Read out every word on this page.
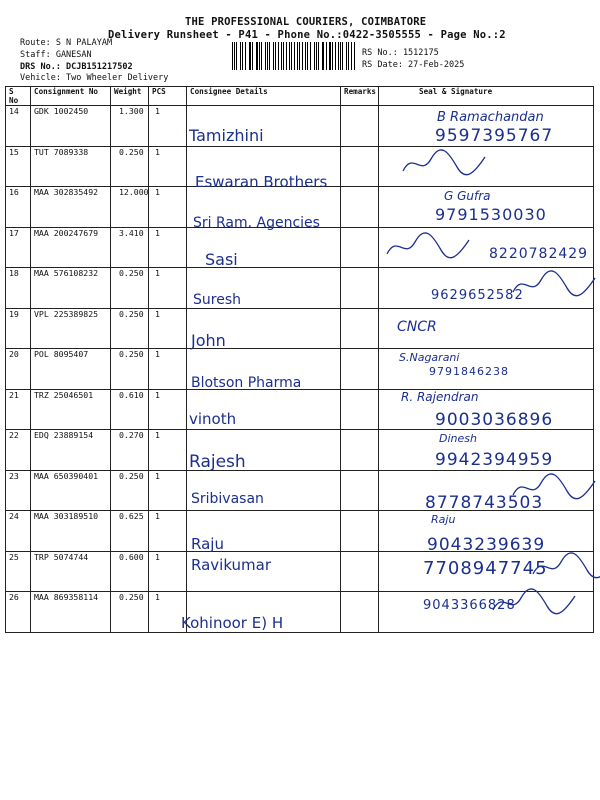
THE PROFESSIONAL COURIERS, COIMBATORE
Delivery Runsheet - P41 - Phone No.:0422-3505555 - Page No.:2
Route: S N PALAYAM
Staff: GANESAN
DRS No.: DCJB151217502
Vehicle: Two Wheeler Delivery
RS No.: 1512175
RS Date: 27-Feb-2025
S No	Consignment No	Weight	PCS	Consignee Details	Remarks	Seal & Signature
14	GDK 1002450	1.300	1	Tamizhini		B Ramachandan
9597395767

15	TUT 7089338	0.250	1	Eswaran Brothers

16	MAA 302835492	12.000	1	Sri Ram. Agencies		G Gufra
9791530030

17	MAA 200247679	3.410	1	Sasi		8220782429

18	MAA 576108232	0.250	1	Suresh		9629652582

19	VPL 225389825	0.250	1	John		CNCR

20	POL 8095407	0.250	1	Blotson Pharma		S.Nagarani
9791846238

21	TRZ 25046501	0.610	1	vinoth		R. Rajendran
9003036896

22	EDQ 23889154	0.270	1	Rajesh		Dinesh
9942394959

23	MAA 650390401	0.250	1	Sribivasan		8778743503

24	MAA 303189510	0.625	1	Raju		Raju
9043239639

25	TRP 5074744	0.600	1	Ravikumar		7708947745

26	MAA 869358114	0.250	1	Kohinoor E) H		9043366828
